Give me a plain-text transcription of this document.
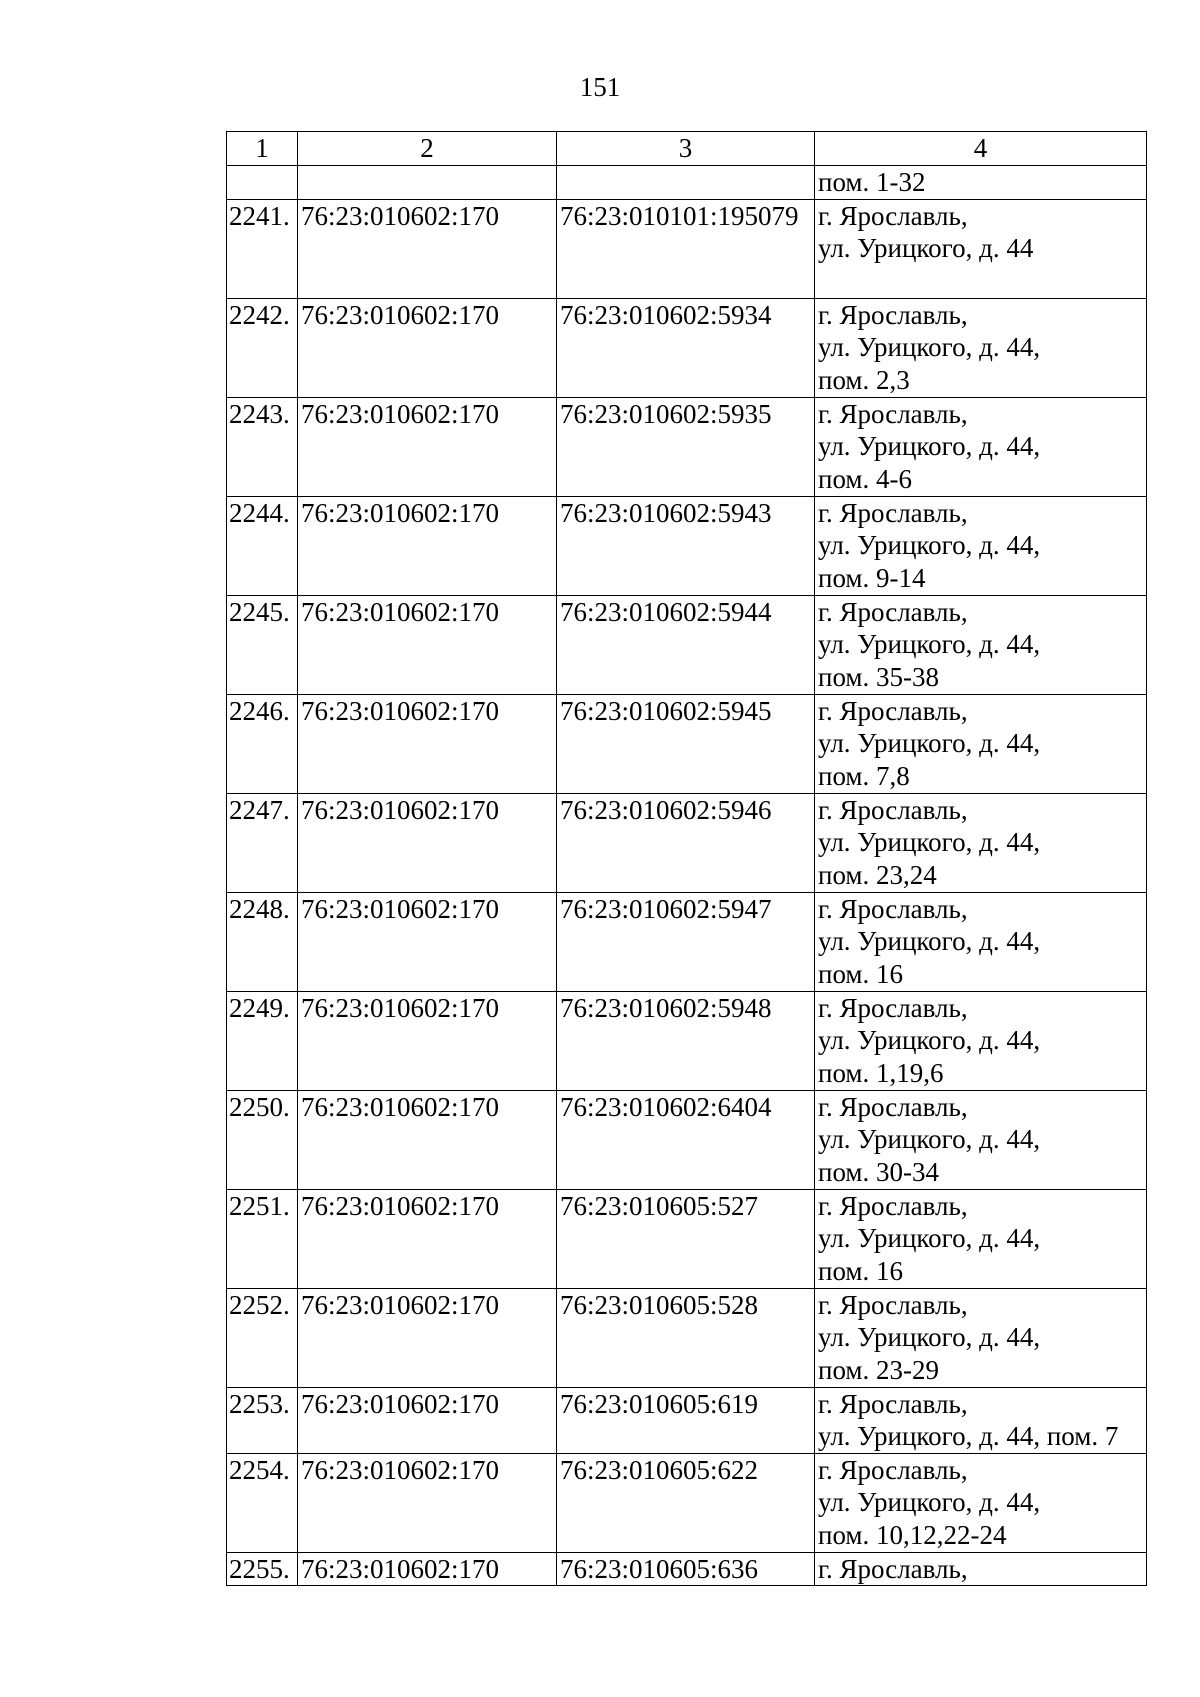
151
1	2	3	4

			пом. 1-32

2241.	76:23:010602:170	76:23:010101:195079	г. Ярославль,
ул. Урицкого, д. 44

2242.	76:23:010602:170	76:23:010602:5934	г. Ярославль,
ул. Урицкого, д. 44,
пом. 2,3

2243.	76:23:010602:170	76:23:010602:5935	г. Ярославль,
ул. Урицкого, д. 44,
пом. 4-6

2244.	76:23:010602:170	76:23:010602:5943	г. Ярославль,
ул. Урицкого, д. 44,
пом. 9-14

2245.	76:23:010602:170	76:23:010602:5944	г. Ярославль,
ул. Урицкого, д. 44,
пом. 35-38

2246.	76:23:010602:170	76:23:010602:5945	г. Ярославль,
ул. Урицкого, д. 44,
пом. 7,8

2247.	76:23:010602:170	76:23:010602:5946	г. Ярославль,
ул. Урицкого, д. 44,
пом. 23,24

2248.	76:23:010602:170	76:23:010602:5947	г. Ярославль,
ул. Урицкого, д. 44,
пом. 16

2249.	76:23:010602:170	76:23:010602:5948	г. Ярославль,
ул. Урицкого, д. 44,
пом. 1,19,6

2250.	76:23:010602:170	76:23:010602:6404	г. Ярославль,
ул. Урицкого, д. 44,
пом. 30-34

2251.	76:23:010602:170	76:23:010605:527	г. Ярославль,
ул. Урицкого, д. 44,
пом. 16

2252.	76:23:010602:170	76:23:010605:528	г. Ярославль,
ул. Урицкого, д. 44,
пом. 23-29

2253.	76:23:010602:170	76:23:010605:619	г. Ярославль,
ул. Урицкого, д. 44, пом. 7

2254.	76:23:010602:170	76:23:010605:622	г. Ярославль,
ул. Урицкого, д. 44,
пом. 10,12,22-24

2255.	76:23:010602:170	76:23:010605:636	г. Ярославль,
